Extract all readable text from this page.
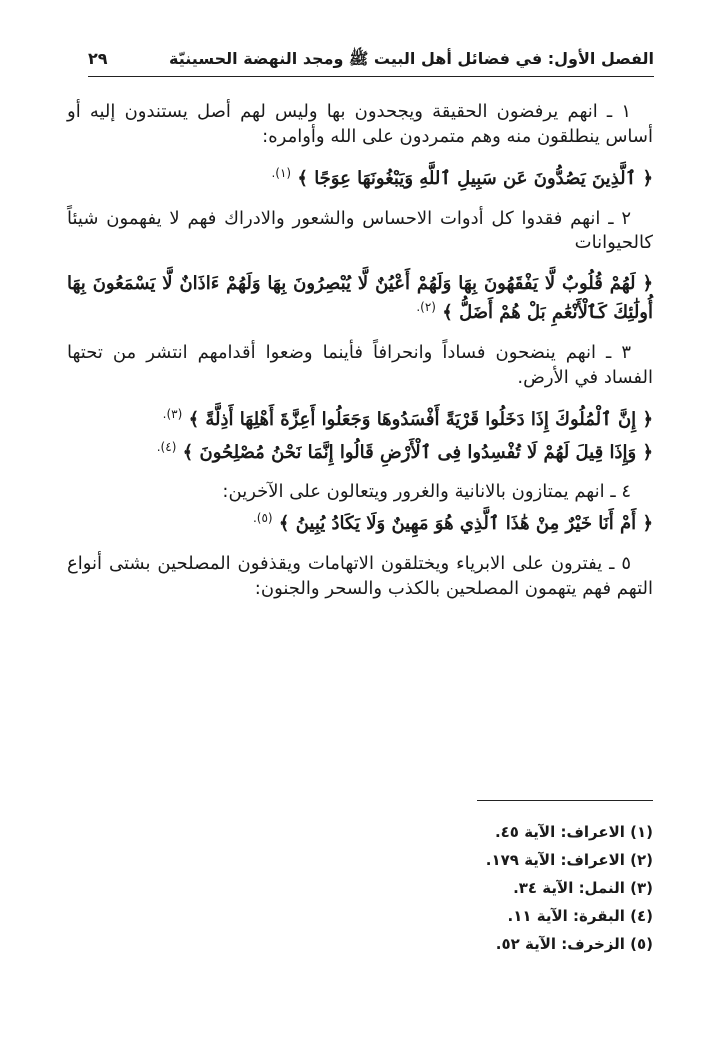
الفصل الأول: في فضائل أهل البيت ﷺ ومجد النهضة الحسينيّة
٢٩
١ ـ انهم يرفضون الحقيقة ويجحدون بها وليس لهم أصل يستندون إليه أو أساس ينطلقون منه وهم متمردون على الله وأوامره:
﴿ ٱلَّذِينَ يَصُدُّونَ عَن سَبِيلِ ٱللَّهِ وَيَبْغُونَهَا عِوَجًا ﴾ $^{(١).}$
٢ ـ انهم فقدوا كل أدوات الاحساس والشعور والادراك فهم لا يفهمون شيئاً كالحيوانات
﴿ لَهُمْ قُلُوبٌ لَّا يَفْقَهُونَ بِهَا وَلَهُمْ أَعْيُنٌ لَّا يُبْصِرُونَ بِهَا وَلَهُمْ ءَاذَانٌ لَّا يَسْمَعُونَ بِهَا أُولَٰئِكَ كَٱلْأَنْعَٰمِ بَلْ هُمْ أَضَلُّ ﴾ $^{(٢).}$
٣ ـ انهم ينضحون فساداً وانحرافاً فأينما وضعوا أقدامهم انتشر من تحتها الفساد في الأرض.
﴿ إِنَّ ٱلْمُلُوكَ إِذَا دَخَلُوا قَرْيَةً أَفْسَدُوهَا وَجَعَلُوا أَعِزَّةَ أَهْلِهَا أَذِلَّةً ﴾ $^{(٣).}$
﴿ وَإِذَا قِيلَ لَهُمْ لَا تُفْسِدُوا فِى ٱلْأَرْضِ قَالُوا إِنَّمَا نَحْنُ مُصْلِحُونَ ﴾ $^{(٤).}$
٤ ـ انهم يمتازون بالانانية والغرور ويتعالون على الآخرين:
﴿ أَمْ أَنَا خَيْرٌ مِنْ هَٰذَا ٱلَّذِي هُوَ مَهِينٌ وَلَا يَكَادُ يُبِينُ ﴾ $^{(٥).}$
٥ ـ يفترون على الابرياء ويختلقون الاتهامات ويقذفون المصلحين بشتى أنواع التهم فهم يتهمون المصلحين بالكذب والسحر والجنون:
(١) الاعراف: الآية ٤٥.
(٢) الاعراف: الآية ١٧٩.
(٣) النمل: الآية ٣٤.
(٤) البقرة: الآية ١١.
(٥) الزخرف: الآية ٥٢.
